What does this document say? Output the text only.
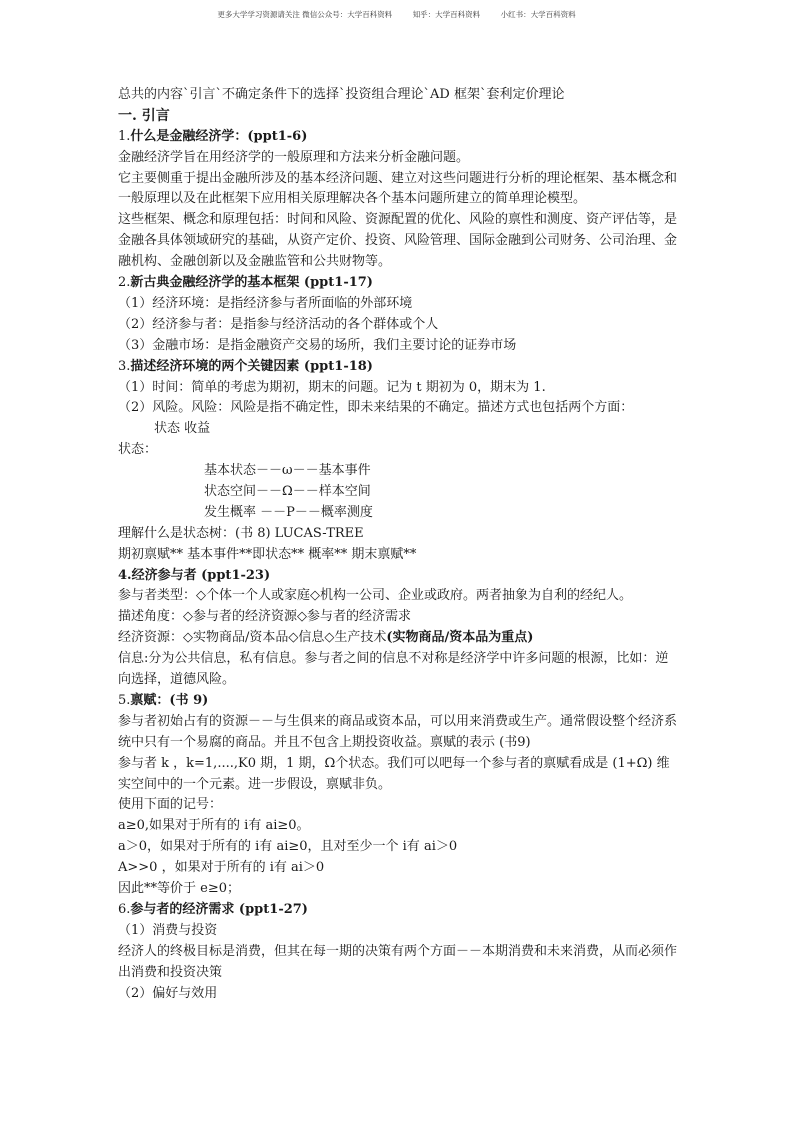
更多大学学习资源请关注 微信公众号：大学百科资料	知乎：大学百科资料	小红书：大学百科资料
总共的内容`引言`不确定条件下的选择`投资组合理论`AD 框架`套利定价理论
一. 引言
1.什么是金融经济学：(ppt1-6)
金融经济学旨在用经济学的一般原理和方法来分析金融问题。
它主要侧重于提出金融所涉及的基本经济问题、建立对这些问题进行分析的理论框架、基本概念和一般原理以及在此框架下应用相关原理解决各个基本问题所建立的简单理论模型。
这些框架、概念和原理包括：时间和风险、资源配置的优化、风险的禀性和测度、资产评估等，是金融各具体领域研究的基础，从资产定价、投资、风险管理、国际金融到公司财务、公司治理、金融机构、金融创新以及金融监管和公共财物等。
2.新古典金融经济学的基本框架 (ppt1-17)
（1）经济环境：是指经济参与者所面临的外部环境
（2）经济参与者：是指参与经济活动的各个群体或个人
（3）金融市场：是指金融资产交易的场所，我们主要讨论的证券市场
3.描述经济环境的两个关键因素 (ppt1-18)
（1）时间：简单的考虑为期初，期末的问题。记为 t 期初为 0，期末为 1.
（2）风险。风险：风险是指不确定性，即未来结果的不确定。描述方式也包括两个方面：
状态 收益
状态：
基本状态－－ω－－基本事件
状态空间－－Ω－－样本空间
发生概率 －－P－－概率测度
理解什么是状态树：(书 8) LUCAS-TREE
期初禀赋** 基本事件**即状态** 概率** 期末禀赋**
4.经济参与者 (ppt1-23)
参与者类型：◇个体一个人或家庭◇机构一公司、企业或政府。两者抽象为自利的经纪人。
描述角度：◇参与者的经济资源◇参与者的经济需求
经济资源：◇实物商品/资本品◇信息◇生产技术(实物商品/资本品为重点)
信息:分为公共信息，私有信息。参与者之间的信息不对称是经济学中许多问题的根源，比如：逆向选择，道德风险。
5.禀赋：(书 9)
参与者初始占有的资源－－与生俱来的商品或资本品，可以用来消费或生产。通常假设整个经济系统中只有一个易腐的商品。并且不包含上期投资收益。禀赋的表示 (书9)
参与者 k ，k=1,....,K0 期，1 期，Ω个状态。我们可以吧每一个参与者的禀赋看成是 (1+Ω) 维实空间中的一个元素。进一步假设，禀赋非负。
使用下面的记号：
a≥0,如果对于所有的 i有 ai≥0。
a＞0，如果对于所有的 i有 ai≥0，且对至少一个 i有 ai＞0
A>>0 ，如果对于所有的 i有 ai＞0
因此**等价于 e≥0；
6.参与者的经济需求 (ppt1-27)
（1）消费与投资
经济人的终极目标是消费，但其在每一期的决策有两个方面－－本期消费和未来消费，从而必须作出消费和投资决策
（2）偏好与效用
